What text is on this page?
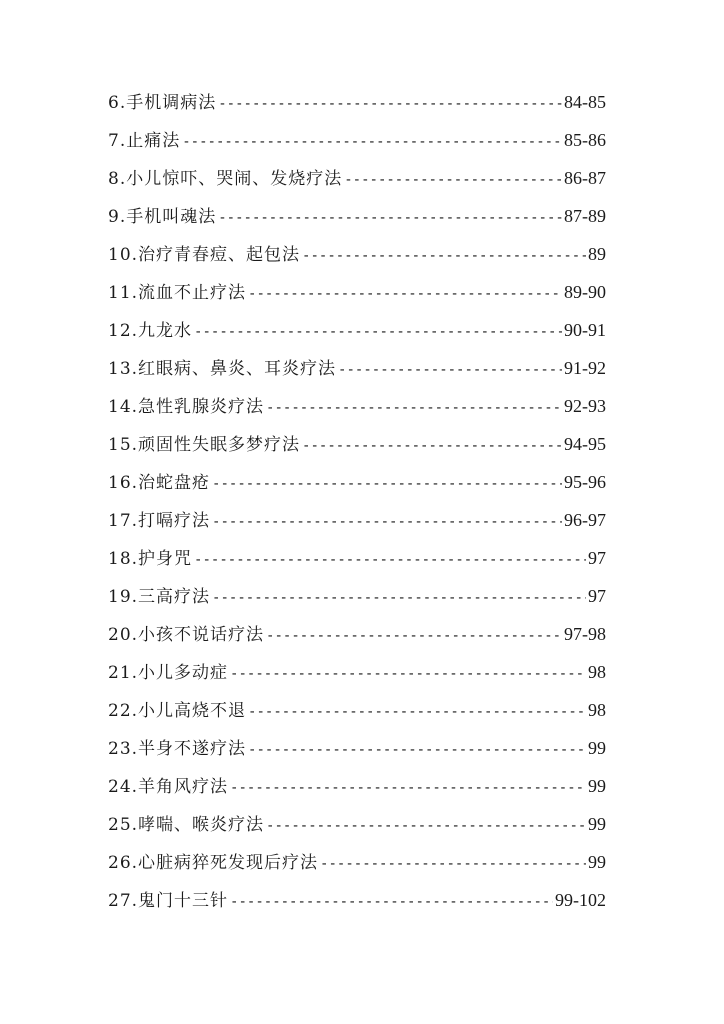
6.手机调病法 -----	84-85
7.止痛法 -----	85-86
8.小儿惊吓、哭闹、发烧疗法 -----	86-87
9.手机叫魂法 -----	87-89
10.治疗青春痘、起包法 -----	89
11.流血不止疗法 -----	89-90
12.九龙水 -----	90-91
13.红眼病、鼻炎、耳炎疗法 -----	91-92
14.急性乳腺炎疗法 -----	92-93
15.顽固性失眠多梦疗法 -----	94-95
16.治蛇盘疮 -----	95-96
17.打嗝疗法 -----	96-97
18.护身咒 -----	97
19.三高疗法 -----	97
20.小孩不说话疗法 -----	97-98
21.小儿多动症 -----	98
22.小儿高烧不退 -----	98
23.半身不遂疗法 -----	99
24.羊角风疗法 -----	99
25.哮喘、喉炎疗法 -----	99
26.心脏病猝死发现后疗法 -----	99
27.鬼门十三针 -----	99-102
